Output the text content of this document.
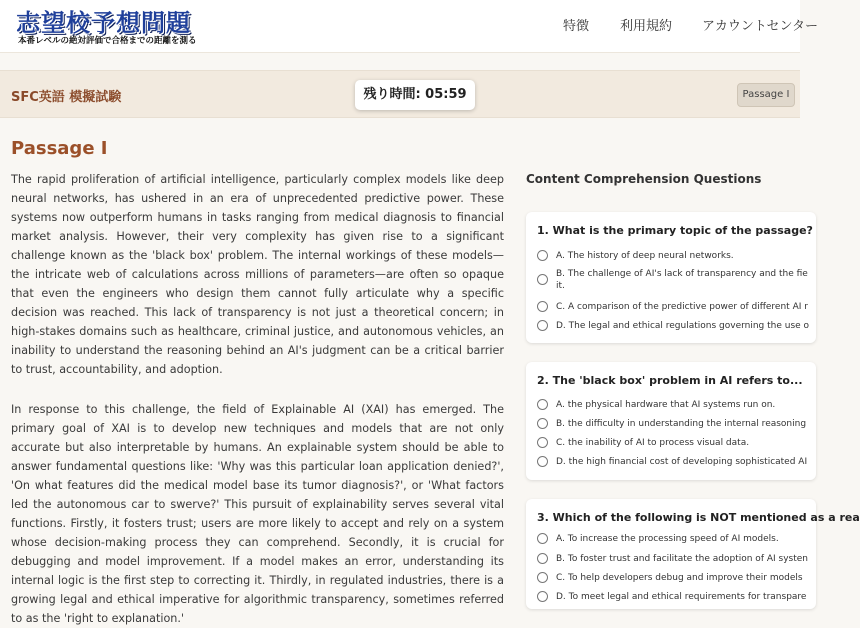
志望校予想問題
本番レベルの絶対評価で合格までの距離を測る
特徴 利用規約 アカウントセンター
SFC英語 模擬試験	残り時間: 05:59	Passage I
Passage I

The rapid proliferation of artificial intelligence, particularly complex models like deep neural networks, has ushered in an era of unprecedented predictive power. These systems now outperform humans in tasks ranging from medical diagnosis to financial market analysis. However, their very complexity has given rise to a significant challenge known as the 'black box' problem. The internal workings of these models—the intricate web of calculations across millions of parameters—are often so opaque that even the engineers who design them cannot fully articulate why a specific decision was reached. This lack of transparency is not just a theoretical concern; in high-stakes domains such as healthcare, criminal justice, and autonomous vehicles, an inability to understand the reasoning behind an AI's judgment can be a critical barrier to trust, accountability, and adoption.

In response to this challenge, the field of Explainable AI (XAI) has emerged. The primary goal of XAI is to develop new techniques and models that are not only accurate but also interpretable by humans. An explainable system should be able to answer fundamental questions like: 'Why was this particular loan application denied?', 'On what features did the medical model base its tumor diagnosis?', or 'What factors led the autonomous car to swerve?' This pursuit of explainability serves several vital functions. Firstly, it fosters trust; users are more likely to accept and rely on a system whose decision-making process they can comprehend. Secondly, it is crucial for debugging and model improvement. If a model makes an error, understanding its internal logic is the first step to correcting it. Thirdly, in regulated industries, there is a growing legal and ethical imperative for algorithmic transparency, sometimes referred to as the 'right to explanation.'

Content Comprehension Questions
1. What is the primary topic of the passage?
A. The history of deep neural networks.
B. The challenge of AI's lack of transparency and the fie it.
C. A comparison of the predictive power of different AI r
D. The legal and ethical regulations governing the use o
2. The 'black box' problem in AI refers to...
A. the physical hardware that AI systems run on.
B. the difficulty in understanding the internal reasoning
C. the inability of AI to process visual data.
D. the high financial cost of developing sophisticated AI
3. Which of the following is NOT mentioned as a rea
A. To increase the processing speed of AI models.
B. To foster trust and facilitate the adoption of AI systen
C. To help developers debug and improve their models
D. To meet legal and ethical requirements for transpare
